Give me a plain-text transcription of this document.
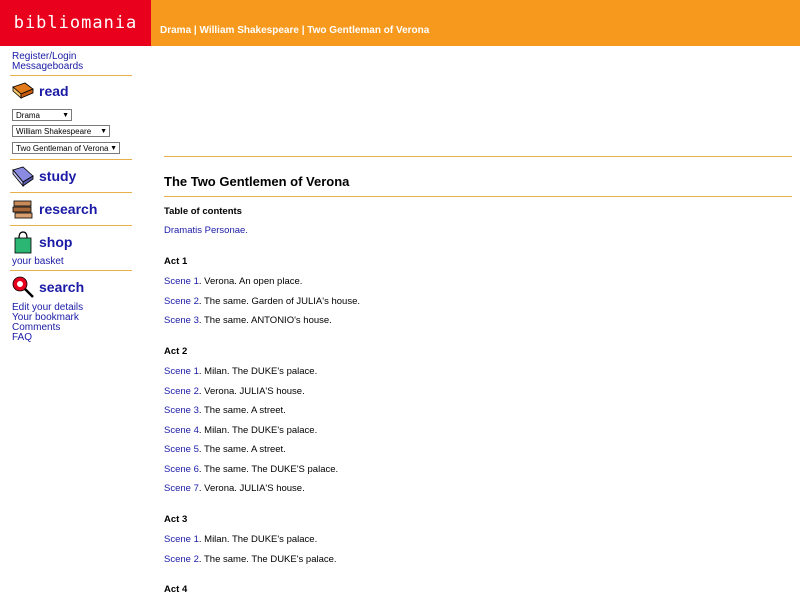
bibliomania	Drama | William Shakespeare | Two Gentleman of Verona
Register/Login
Messageboards
read
Drama ▼
William Shakespeare ▼
Two Gentleman of Verona ▼
study
research
shop
your basket
search
Edit your details
Your bookmark
Comments
FAQ
The Two Gentlemen of Verona
Table of contents
Dramatis Personae.
Act 1
Scene 1. Verona. An open place.
Scene 2. The same. Garden of JULIA's house.
Scene 3. The same. ANTONIO's house.
Act 2
Scene 1. Milan. The DUKE's palace.
Scene 2. Verona. JULIA'S house.
Scene 3. The same. A street.
Scene 4. Milan. The DUKE's palace.
Scene 5. The same. A street.
Scene 6. The same. The DUKE'S palace.
Scene 7. Verona. JULIA'S house.
Act 3
Scene 1. Milan. The DUKE's palace.
Scene 2. The same. The DUKE's palace.
Act 4
